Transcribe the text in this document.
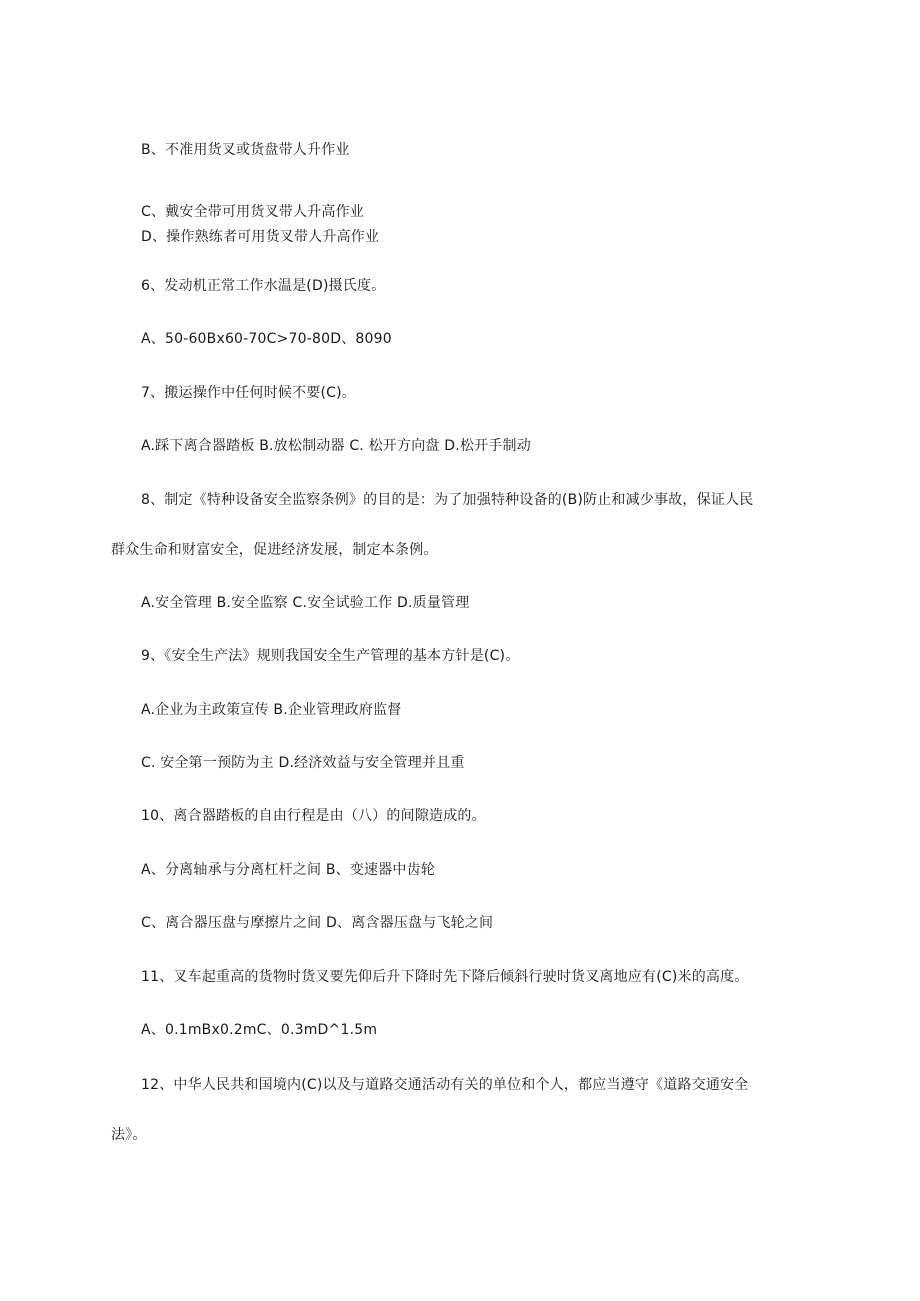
B、不准用货叉或货盘带人升作业
C、戴安全带可用货叉带人升高作业
D、操作熟练者可用货叉带人升高作业
6、发动机正常工作水温是(D)摄氏度。
A、50-60Bx60-70C>70-80D、8090
7、搬运操作中任何时候不要(C)。
A.踩下离合器踏板 B.放松制动器 C. 松开方向盘 D.松开手制动
8、制定《特种设备安全监察条例》的目的是：为了加强特种设备的(B)防止和减少事故，保证人民
群众生命和财富安全，促进经济发展，制定本条例。
A.安全管理 B.安全监察 C.安全试验工作 D.质量管理
9、《安全生产法》规则我国安全生产管理的基本方针是(C)。
A.企业为主政策宣传 B.企业管理政府监督
C. 安全第一预防为主 D.经济效益与安全管理并且重
10、离合器踏板的自由行程是由（八）的间隙造成的。
A、分离轴承与分离杠杆之间 B、变速器中齿轮
C、离合器压盘与摩擦片之间 D、离含器压盘与飞轮之间
11、叉车起重高的货物时货叉要先仰后升下降时先下降后倾斜行驶时货叉离地应有(C)米的高度。
A、0.1mBx0.2mC、0.3mD^1.5m
12、中华人民共和国境内(C)以及与道路交通活动有关的单位和个人，都应当遵守《道路交通安全
法》。
